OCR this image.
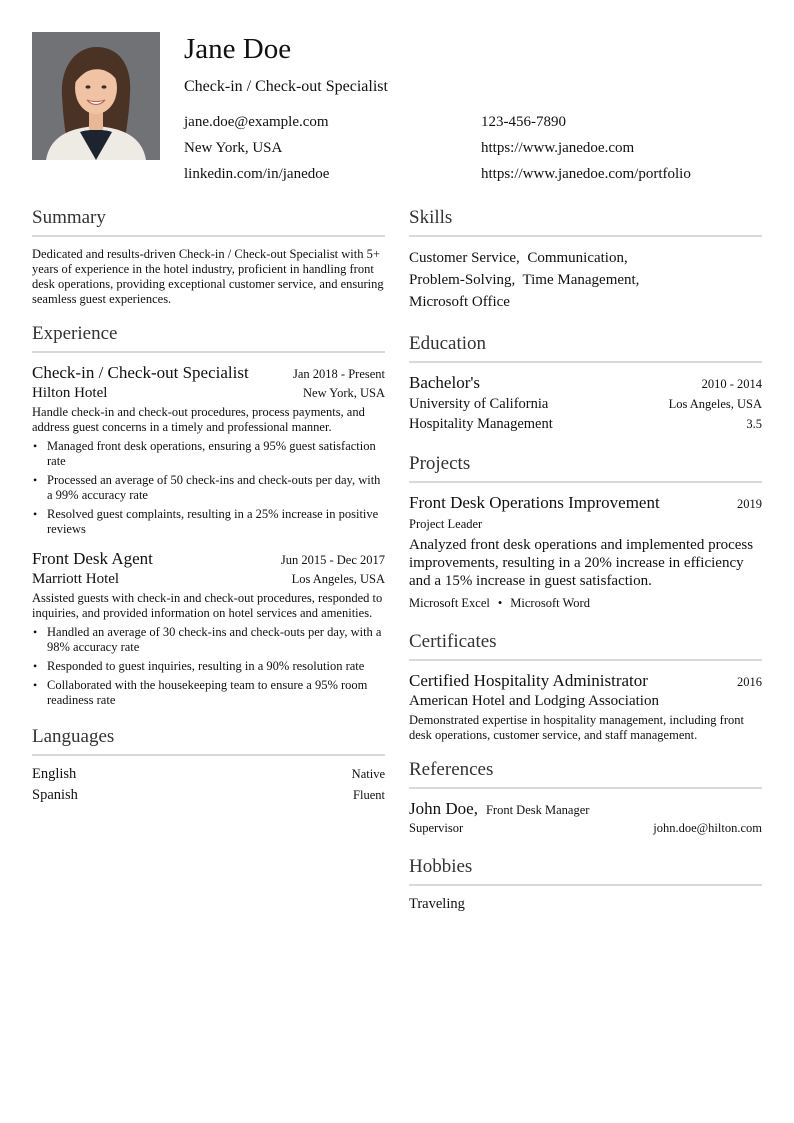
Jane Doe
Check-in / Check-out Specialist
jane.doe@example.com	123-456-7890
New York, USA	https://www.janedoe.com
linkedin.com/in/janedoe	https://www.janedoe.com/portfolio
Summary
Dedicated and results-driven Check-in / Check-out Specialist with 5+ years of experience in the hotel industry, proficient in handling front desk operations, providing exceptional customer service, and ensuring seamless guest experiences.
Experience
Check-in / Check-out Specialist	Jan 2018 - Present
Hilton Hotel	New York, USA
Handle check-in and check-out procedures, process payments, and address guest concerns in a timely and professional manner.
• Managed front desk operations, ensuring a 95% guest satisfaction rate
• Processed an average of 50 check-ins and check-outs per day, with a 99% accuracy rate
• Resolved guest complaints, resulting in a 25% increase in positive reviews
Front Desk Agent	Jun 2015 - Dec 2017
Marriott Hotel	Los Angeles, USA
Assisted guests with check-in and check-out procedures, responded to inquiries, and provided information on hotel services and amenities.
• Handled an average of 30 check-ins and check-outs per day, with a 98% accuracy rate
• Responded to guest inquiries, resulting in a 90% resolution rate
• Collaborated with the housekeeping team to ensure a 95% room readiness rate
Languages
English	Native
Spanish	Fluent
Skills
Customer Service, Communication,
Problem-Solving, Time Management,
Microsoft Office
Education
Bachelor's	2010 - 2014
University of California	Los Angeles, USA
Hospitality Management	3.5
Projects
Front Desk Operations Improvement	2019
Project Leader
Analyzed front desk operations and implemented process improvements, resulting in a 20% increase in efficiency and a 15% increase in guest satisfaction.
Microsoft Excel • Microsoft Word
Certificates
Certified Hospitality Administrator	2016
American Hotel and Lodging Association
Demonstrated expertise in hospitality management, including front desk operations, customer service, and staff management.
References
John Doe, Front Desk Manager
Supervisor	john.doe@hilton.com
Hobbies
Traveling
